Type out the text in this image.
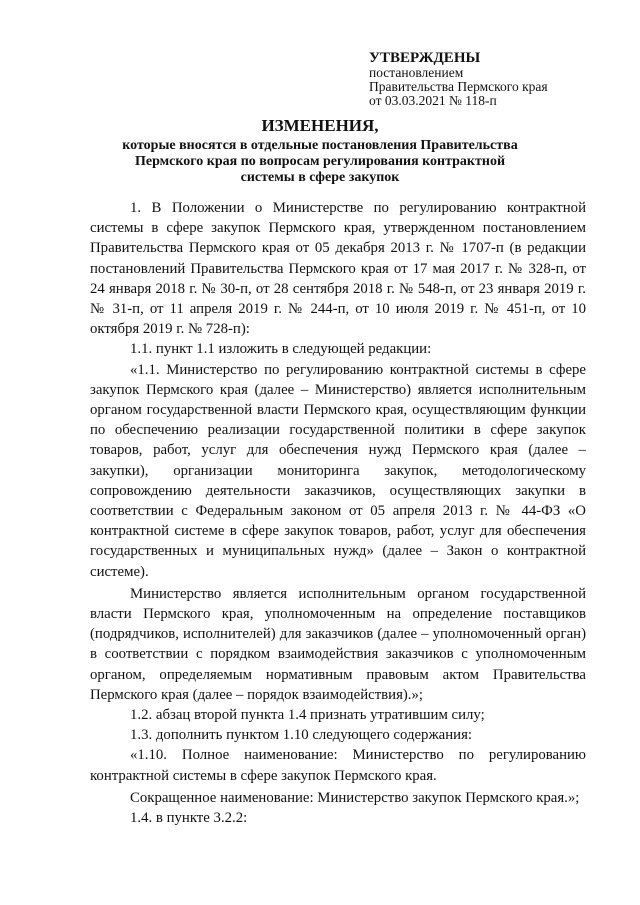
УТВЕРЖДЕНЫ
постановлением
Правительства Пермского края
от 03.03.2021 № 118-п
ИЗМЕНЕНИЯ,
которые вносятся в отдельные постановления Правительства Пермского края по вопросам регулирования контрактной системы в сфере закупок

1. В Положении о Министерстве по регулированию контрактной системы в сфере закупок Пермского края, утвержденном постановлением Правительства Пермского края от 05 декабря 2013 г. № 1707-п (в редакции постановлений Правительства Пермского края от 17 мая 2017 г. № 328-п, от 24 января 2018 г. № 30-п, от 28 сентября 2018 г. № 548-п, от 23 января 2019 г. № 31-п, от 11 апреля 2019 г. № 244-п, от 10 июля 2019 г. № 451-п, от 10 октября 2019 г. № 728-п):

1.1. пункт 1.1 изложить в следующей редакции:

«1.1. Министерство по регулированию контрактной системы в сфере закупок Пермского края (далее – Министерство) является исполнительным органом государственной власти Пермского края, осуществляющим функции по обеспечению реализации государственной политики в сфере закупок товаров, работ, услуг для обеспечения нужд Пермского края (далее – закупки), организации мониторинга закупок, методологическому сопровождению деятельности заказчиков, осуществляющих закупки в соответствии с Федеральным законом от 05 апреля 2013 г. № 44-ФЗ «О контрактной системе в сфере закупок товаров, работ, услуг для обеспечения государственных и муниципальных нужд» (далее – Закон о контрактной системе).

Министерство является исполнительным органом государственной власти Пермского края, уполномоченным на определение поставщиков (подрядчиков, исполнителей) для заказчиков (далее – уполномоченный орган) в соответствии с порядком взаимодействия заказчиков с уполномоченным органом, определяемым нормативным правовым актом Правительства Пермского края (далее – порядок взаимодействия).»;

1.2. абзац второй пункта 1.4 признать утратившим силу;

1.3. дополнить пунктом 1.10 следующего содержания:

«1.10. Полное наименование: Министерство по регулированию контрактной системы в сфере закупок Пермского края.

Сокращенное наименование: Министерство закупок Пермского края.»;

1.4. в пункте 3.2.2:
